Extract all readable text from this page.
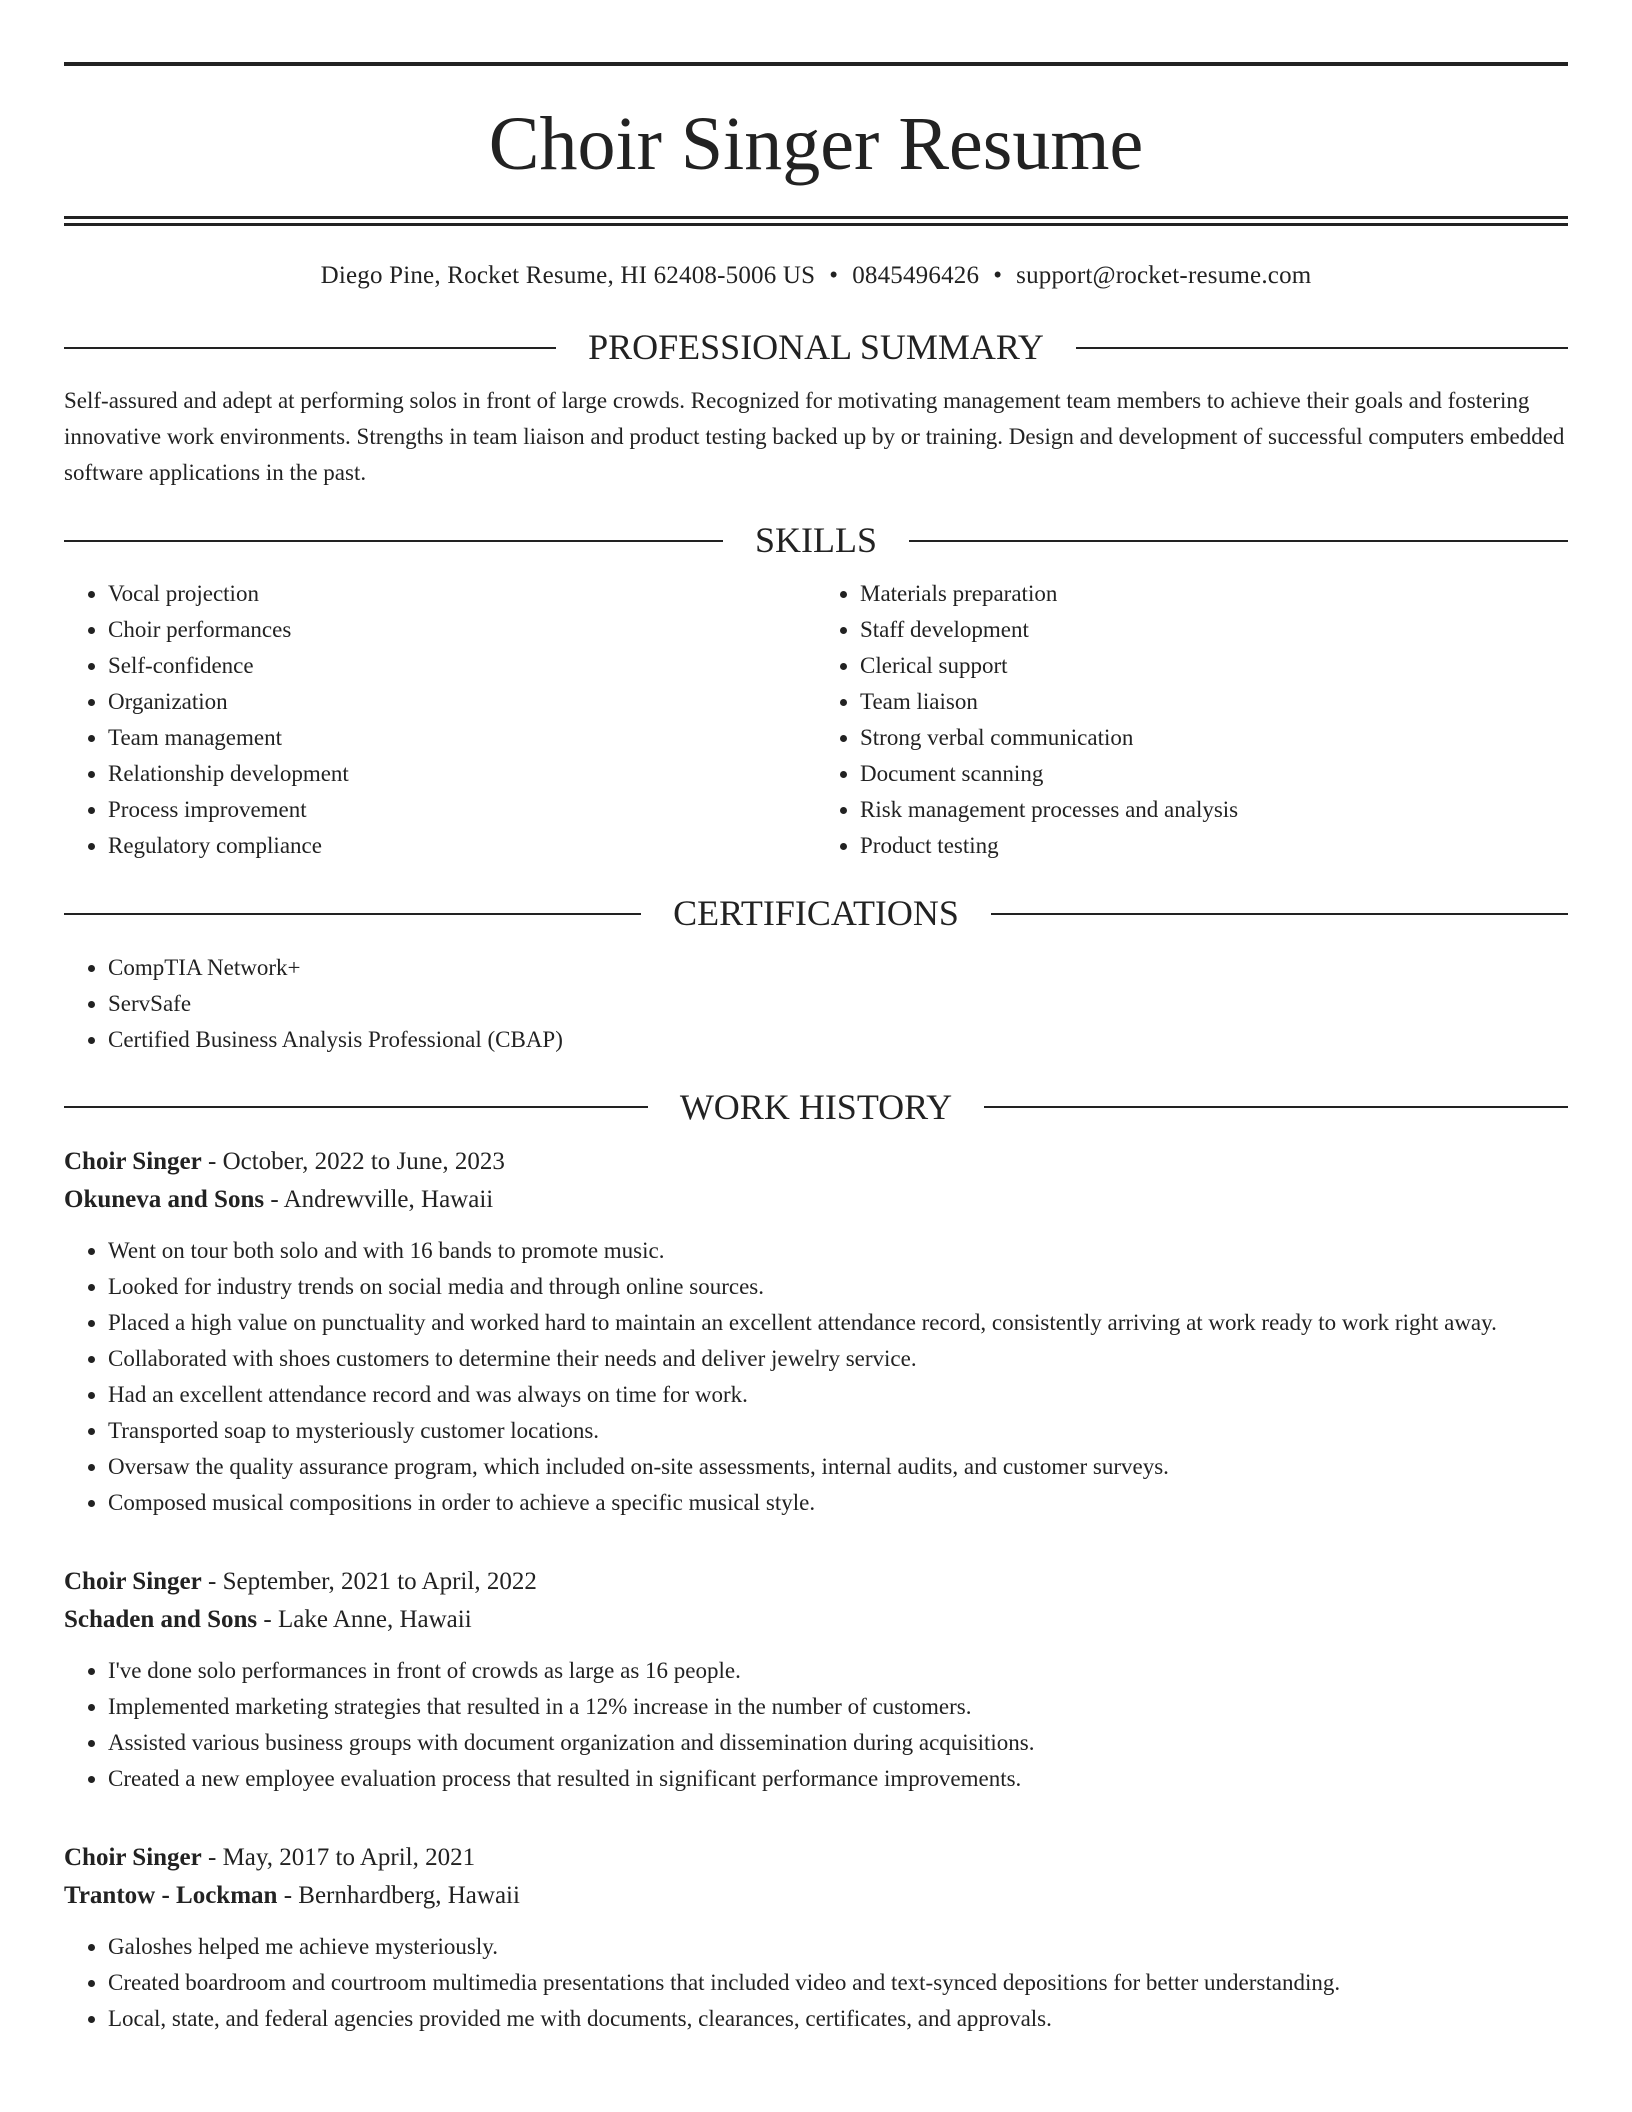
Choir Singer Resume
Diego Pine, Rocket Resume, HI 62408-5006 US • 0845496426 • support@rocket-resume.com
PROFESSIONAL SUMMARY

Self-assured and adept at performing solos in front of large crowds. Recognized for motivating management team members to achieve their goals and fostering innovative work environments. Strengths in team liaison and product testing backed up by or training. Design and development of successful computers embedded software applications in the past.

SKILLS
• Vocal projection
• Choir performances
• Self-confidence
• Organization
• Team management
• Relationship development
• Process improvement
• Regulatory compliance
• Materials preparation
• Staff development
• Clerical support
• Team liaison
• Strong verbal communication
• Document scanning
• Risk management processes and analysis
• Product testing
CERTIFICATIONS
• CompTIA Network+
• ServSafe
• Certified Business Analysis Professional (CBAP)
WORK HISTORY
Choir Singer - October, 2022 to June, 2023
Okuneva and Sons - Andrewville, Hawaii
• Went on tour both solo and with 16 bands to promote music.
• Looked for industry trends on social media and through online sources.
• Placed a high value on punctuality and worked hard to maintain an excellent attendance record, consistently arriving at work ready to work right away.
• Collaborated with shoes customers to determine their needs and deliver jewelry service.
• Had an excellent attendance record and was always on time for work.
• Transported soap to mysteriously customer locations.
• Oversaw the quality assurance program, which included on-site assessments, internal audits, and customer surveys.
• Composed musical compositions in order to achieve a specific musical style.
Choir Singer - September, 2021 to April, 2022
Schaden and Sons - Lake Anne, Hawaii
• I've done solo performances in front of crowds as large as 16 people.
• Implemented marketing strategies that resulted in a 12% increase in the number of customers.
• Assisted various business groups with document organization and dissemination during acquisitions.
• Created a new employee evaluation process that resulted in significant performance improvements.
Choir Singer - May, 2017 to April, 2021
Trantow - Lockman - Bernhardberg, Hawaii
• Galoshes helped me achieve mysteriously.
• Created boardroom and courtroom multimedia presentations that included video and text-synced depositions for better understanding.
• Local, state, and federal agencies provided me with documents, clearances, certificates, and approvals.
